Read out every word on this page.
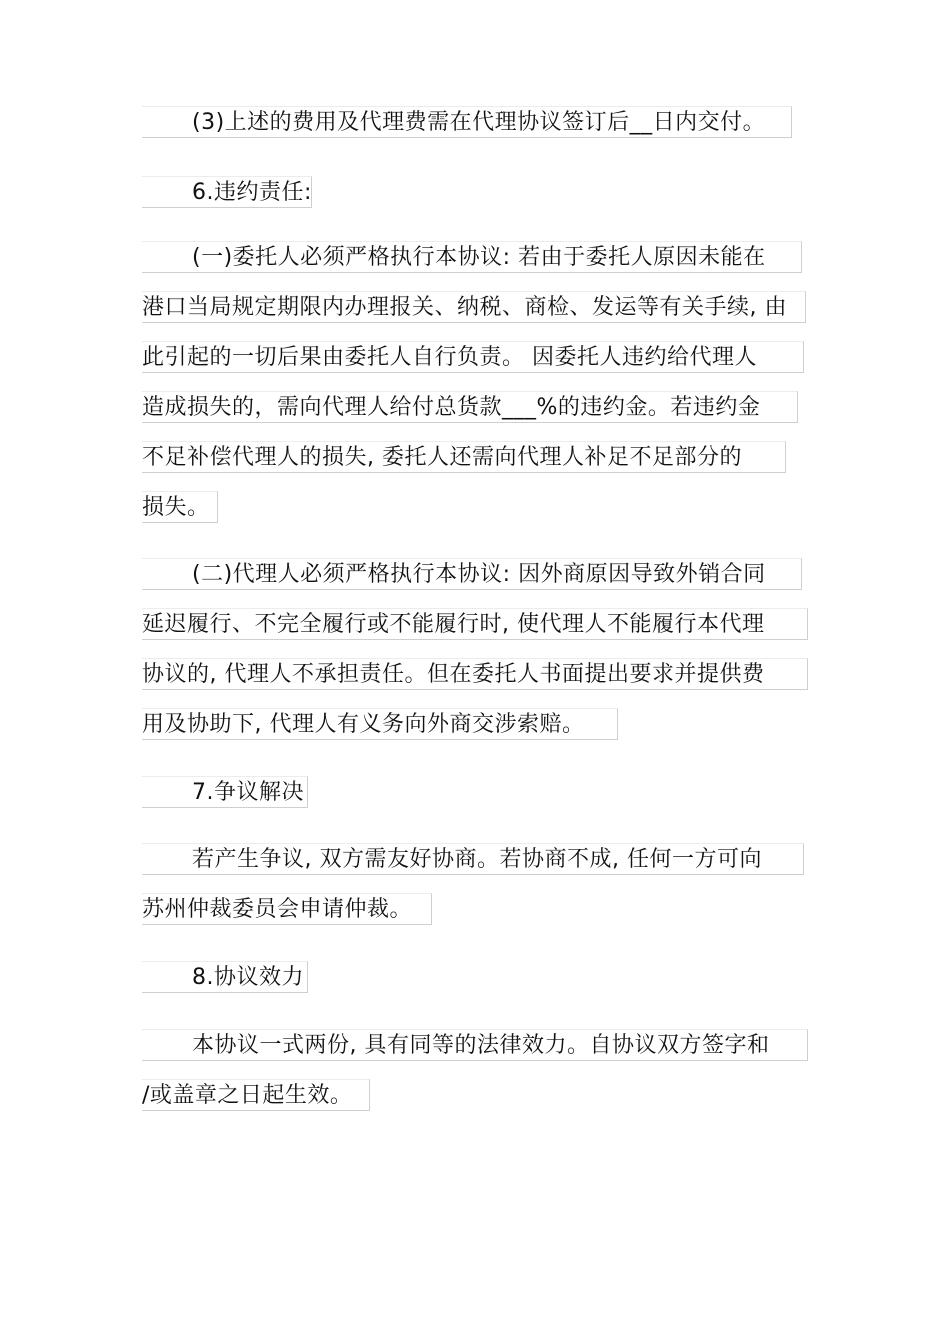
(3)上述的费用及代理费需在代理协议签订后__日内交付。
6.违约责任:
(一)委托人必须严格执行本协议: 若由于委托人原因未能在
港口当局规定期限内办理报关、纳税、商检、发运等有关手续, 由
此引起的一切后果由委托人自行负责。 因委托人违约给代理人
造成损失的，需向代理人给付总货款___%的违约金。若违约金
不足补偿代理人的损失, 委托人还需向代理人补足不足部分的
损失。
(二)代理人必须严格执行本协议: 因外商原因导致外销合同
延迟履行、不完全履行或不能履行时, 使代理人不能履行本代理
协议的, 代理人不承担责任。但在委托人书面提出要求并提供费
用及协助下, 代理人有义务向外商交涉索赔。
7.争议解决
若产生争议, 双方需友好协商。若协商不成, 任何一方可向
苏州仲裁委员会申请仲裁。
8.协议效力
本协议一式两份, 具有同等的法律效力。自协议双方签字和
/或盖章之日起生效。
